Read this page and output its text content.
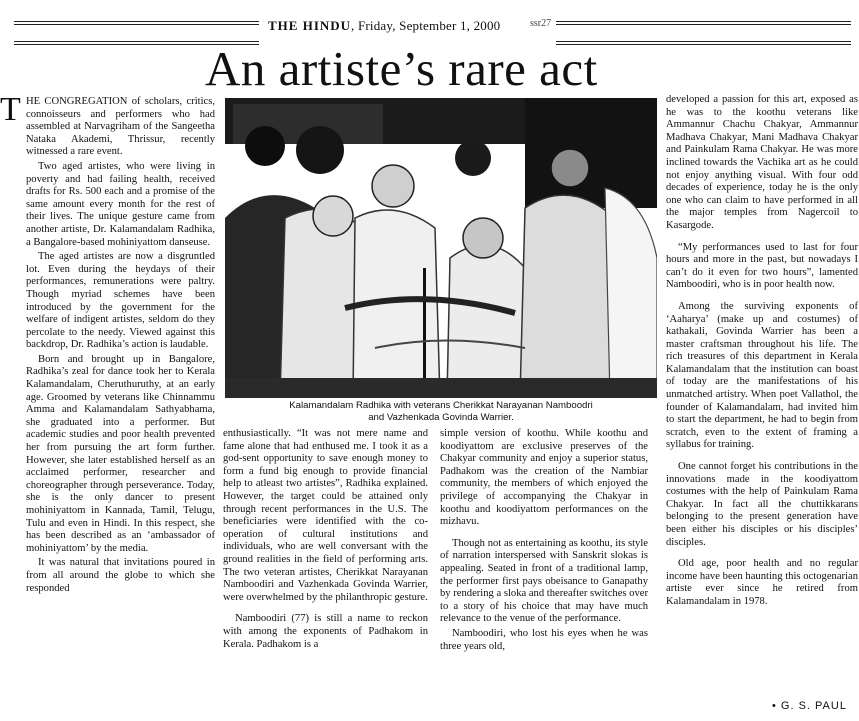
THE HINDU, Friday, September 1, 2000	ssr27
An artiste’s rare act

THE CONGREGATION of scholars, critics, connoisseurs and performers who had assembled at Narvagriham of the Sangeetha Nataka Akademi, Thrissur, recently witnessed a rare event.

Two aged artistes, who were living in poverty and had failing health, received drafts for Rs. 500 each and a promise of the same amount every month for the rest of their lives. The unique gesture came from another artiste, Dr. Kalamandalam Radhika, a Bangalore-based mohiniyattom danseuse.

The aged artistes are now a disgruntled lot. Even during the heydays of their performances, remunerations were paltry. Though myriad schemes have been introduced by the government for the welfare of indigent artistes, seldom do they percolate to the needy. Viewed against this backdrop, Dr. Radhika’s action is laudable.

Born and brought up in Bangalore, Radhika’s zeal for dance took her to Kerala Kalamandalam, Cheruthuruthy, at an early age. Groomed by veterans like Chinnammu Amma and Kalamandalam Sathyabhama, she graduated into a performer. But academic studies and poor health prevented her from pursuing the art form further. However, she later established herself as an acclaimed performer, researcher and choreographer through perseverance. Today, she is the only dancer to present mohiniyattom in Kannada, Tamil, Telugu, Tulu and even in Hindi. In this respect, she has been described as an ‘ambassador of mohiniyattom’ by the media.

It was natural that invitations poured in from all around the globe to which she responded

Kalamandalam Radhika with veterans Cherikkat Narayanan Namboodri
and Vazhenkada Govinda Warrier.

enthusiastically. “It was not mere name and fame alone that had enthused me. I took it as a god-sent opportunity to save enough money to form a fund big enough to provide financial help to atleast two artistes”, Radhika explained. However, the target could be attained only through recent performances in the U.S. The beneficiaries were identified with the co-operation of cultural institutions and individuals, who are well conversant with the ground realities in the field of performing arts. The two veteran artistes, Cherikkat Narayanan Namboodiri and Vazhenkada Govinda Warrier, were overwhelmed by the philanthropic gesture.

Namboodiri (77) is still a name to reckon with among the exponents of Padhakom in Kerala. Padhakom is a

simple version of koothu. While koothu and koodiyattom are exclusive preserves of the Chakyar community and enjoy a superior status, Padhakom was the creation of the Nambiar community, the members of which enjoyed the privilege of accompanying the Chakyar in koothu and koodiyattom performances on the mizhavu.

Though not as entertaining as koothu, its style of narration interspersed with Sanskrit slokas is appealing. Seated in front of a traditional lamp, the performer first pays obeisance to Ganapathy by rendering a sloka and thereafter switches over to a story of his choice that may have much relevance to the venue of the performance.

Namboodiri, who lost his eyes when he was three years old,

developed a passion for this art, exposed as he was to the koothu veterans like Ammannur Chachu Chakyar, Ammannur Madhava Chakyar, Mani Madhava Chakyar and Painkulam Rama Chakyar. He was more inclined towards the Vachika art as he could not enjoy anything visual. With four odd decades of experience, today he is the only one who can claim to have performed in all the major temples from Nagercoil to Kasargode.

“My performances used to last for four hours and more in the past, but nowadays I can’t do it even for two hours”, lamented Namboodiri, who is in poor health now.

Among the surviving exponents of ‘Aaharya’ (make up and costumes) of kathakali, Govinda Warrier has been a master craftsman throughout his life. The rich treasures of this department in Kerala Kalamandalam that the institution can boast of today are the manifestations of his unmatched artistry. When poet Vallathol, the founder of Kalamandalam, had invited him to start the department, he had to begin from scratch, even to the extent of framing a syllabus for training.

One cannot forget his contributions in the innovations made in the koodiyattom costumes with the help of Painkulam Rama Chakyar. In fact all the chuttikkarans belonging to the present generation have been either his disciples or his disciples’ disciples.

Old age, poor health and no regular income have been haunting this octogenarian artiste ever since he retired from Kalamandalam in 1978.

• G. S. PAUL
